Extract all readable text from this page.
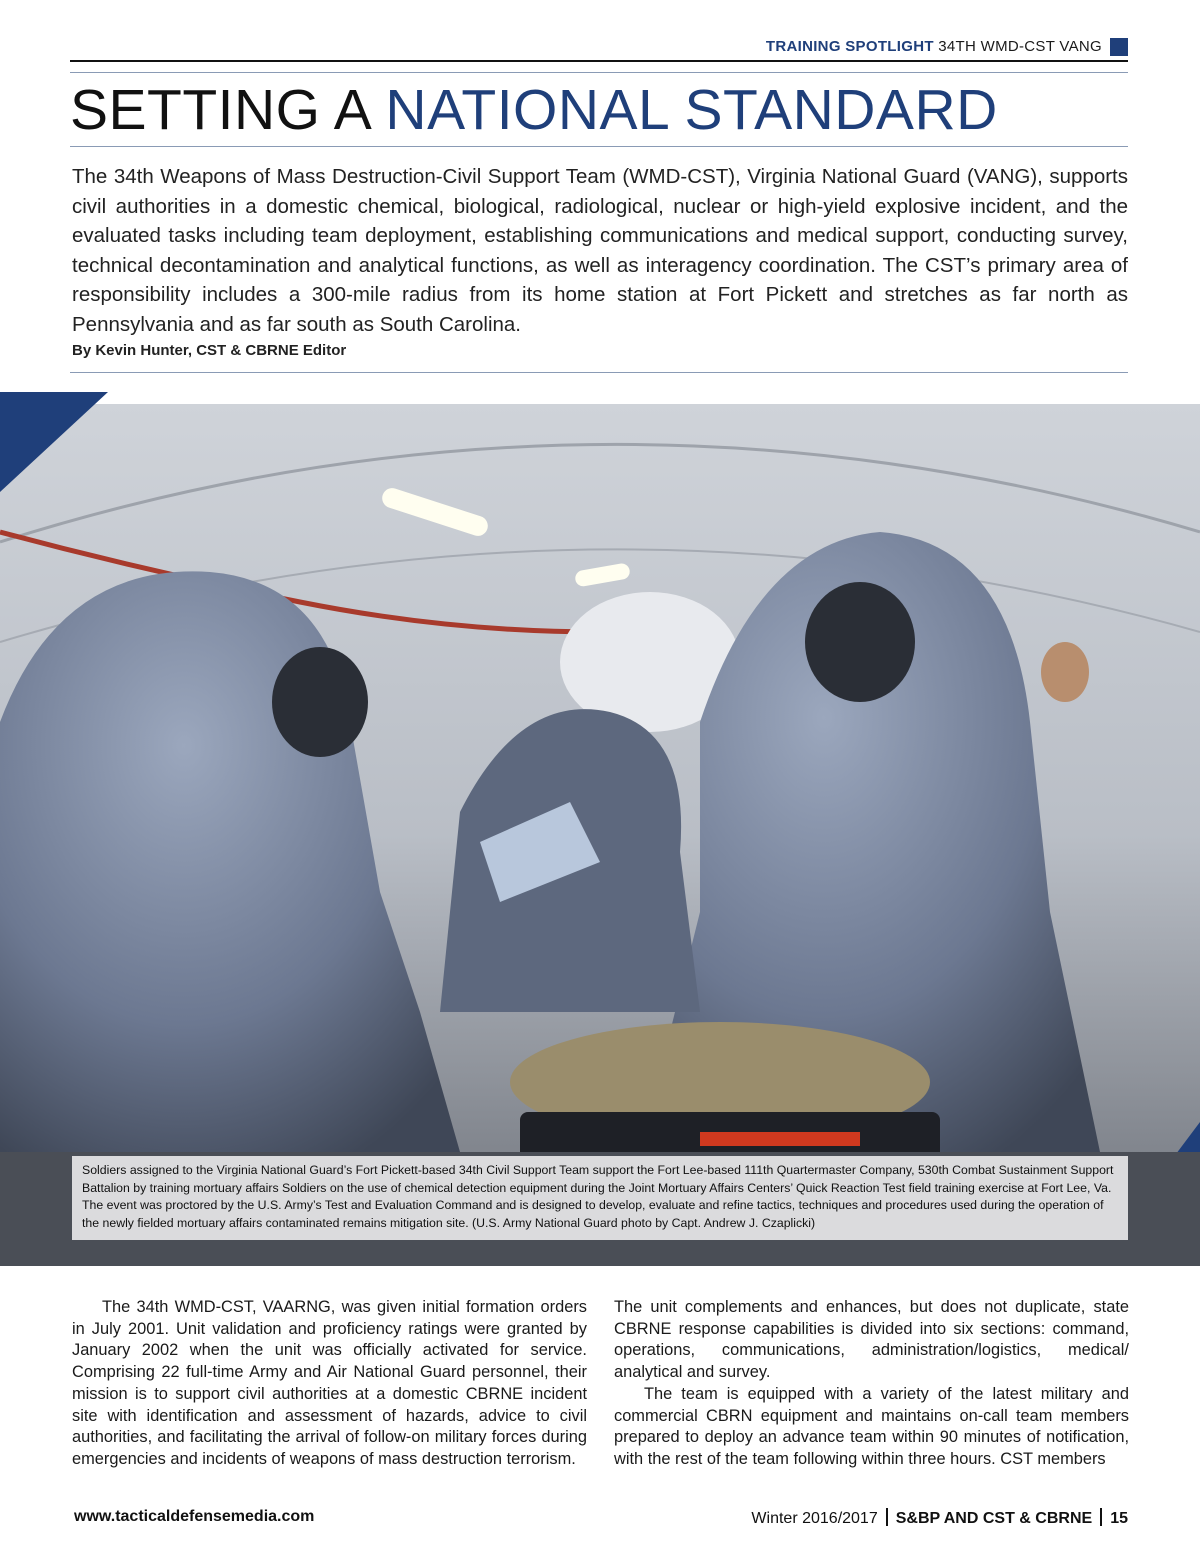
TRAINING SPOTLIGHT 34TH WMD-CST VANG
SETTING A NATIONAL STANDARD
The 34th Weapons of Mass Destruction-Civil Support Team (WMD-CST), Virginia National Guard (VANG), supports civil authorities in a domestic chemical, biological, radiological, nuclear or high-yield explosive incident, and the evaluated tasks including team deployment, establishing communications and medical support, conducting survey, technical decontamination and analytical functions, as well as interagency coordination. The CST’s primary area of responsibility includes a 300-mile radius from its home station at Fort Pickett and stretches as far north as Pennsylvania and as far south as South Carolina.
By Kevin Hunter, CST & CBRNE Editor
Soldiers assigned to the Virginia National Guard’s Fort Pickett-based 34th Civil Support Team support the Fort Lee-based 111th Quartermaster Company, 530th Combat Sustainment Support Battalion by training mortuary affairs Soldiers on the use of chemical detection equipment during the Joint Mortuary Affairs Centers’ Quick Reaction Test field training exercise at Fort Lee, Va. The event was proctored by the U.S. Army’s Test and Evaluation Command and is designed to develop, evaluate and refine tactics, techniques and procedures used during the operation of the newly fielded mortuary affairs contaminated remains mitigation site. (U.S. Army National Guard photo by Capt. Andrew J. Czaplicki)

The 34th WMD-CST, VAARNG, was given initial formation orders in July 2001. Unit validation and proficiency ratings were granted by January 2002 when the unit was officially activated for service. Comprising 22 full-time Army and Air National Guard personnel, their mission is to support civil authorities at a domestic CBRNE incident site with identification and assessment of hazards, advice to civil authorities, and facilitating the arrival of follow-on military forces during emergencies and incidents of weapons of mass destruction terrorism.

The unit complements and enhances, but does not duplicate, state CBRNE response capabilities is divided into six sections: command, operations, communications, administration/logistics, medical/ analytical and survey.

The team is equipped with a variety of the latest military and commercial CBRN equipment and maintains on-call team members prepared to deploy an advance team within 90 minutes of notification, with the rest of the team following within three hours. CST members

www.tacticaldefensemedia.com	Winter 2016/2017 S&BP AND CST & CBRNE 15
